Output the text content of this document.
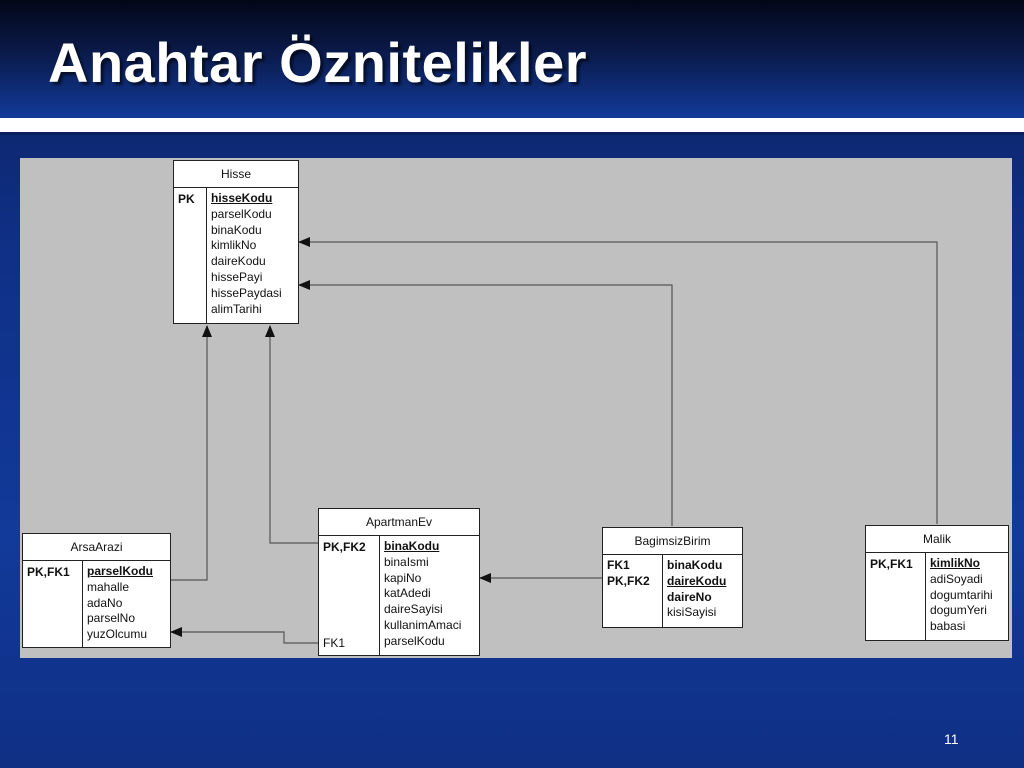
Anahtar Öznitelikler
Hisse
PK hisseKodu
parselKodu
binaKodu
kimlikNo
daireKodu
hissePayi
hissePaydasi
alimTarihi
ArsaArazi
PK,FK1 parselKodu
mahalle
adaNo
parselNo
yuzOlcumu
ApartmanEv
PK,FK2
FK1
binaKodu
binaIsmi
kapiNo
katAdedi
daireSayisi
kullanimAmaci
parselKodu
BagimsizBirim
FK1
PK,FK2
binaKodu
daireKodu
daireNo
kisiSayisi
Malik
PK,FK1 kimlikNo
adiSoyadi
dogumtarihi
dogumYeri
babasi
11
